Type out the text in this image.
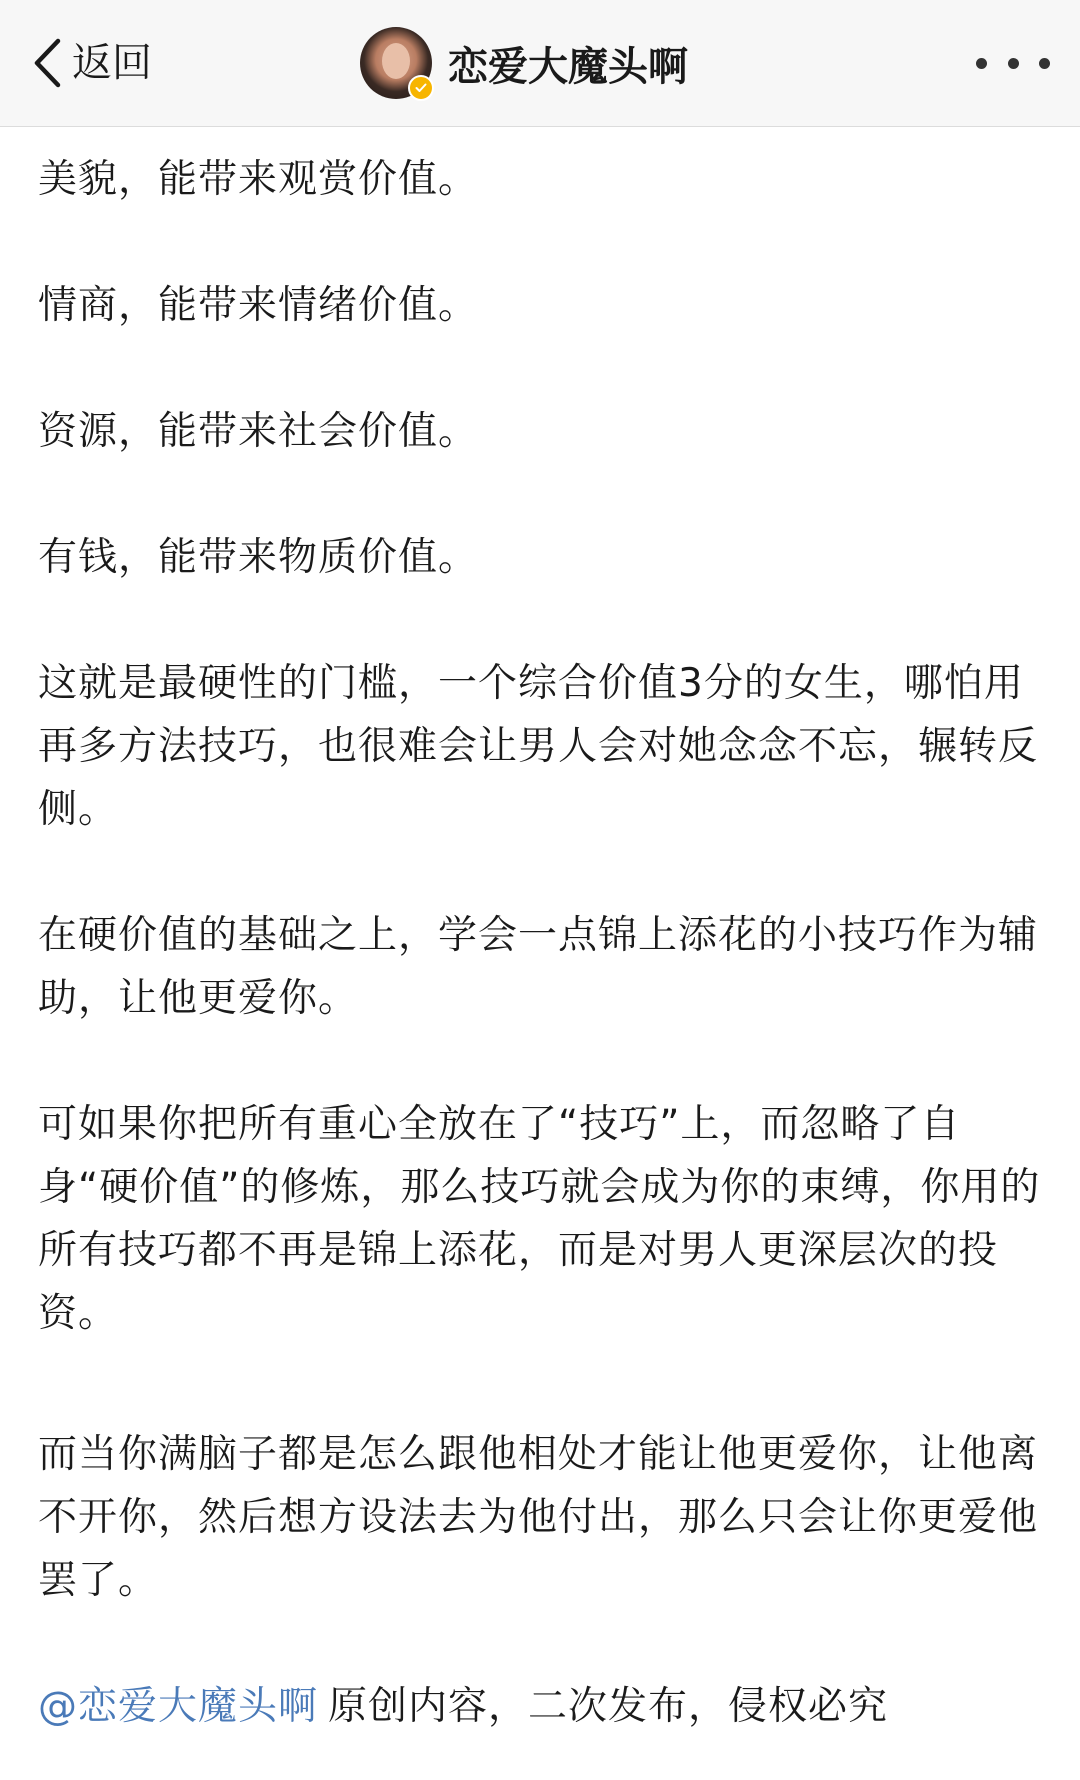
返回	恋爱大魔头啊

美貌，能带来观赏价值。

情商，能带来情绪价值。

资源，能带来社会价值。

有钱，能带来物质价值。

这就是最硬性的门槛，一个综合价值3分的女生，哪怕用再多方法技巧，也很难会让男人会对她念念不忘，辗转反侧。

在硬价值的基础之上，学会一点锦上添花的小技巧作为辅助，让他更爱你。

可如果你把所有重心全放在了“技巧”上，而忽略了自身“硬价值”的修炼，那么技巧就会成为你的束缚，你用的所有技巧都不再是锦上添花，而是对男人更深层次的投资。

而当你满脑子都是怎么跟他相处才能让他更爱你，让他离不开你，然后想方设法去为他付出，那么只会让你更爱他罢了。

@恋爱大魔头啊 原创内容，二次发布，侵权必究
